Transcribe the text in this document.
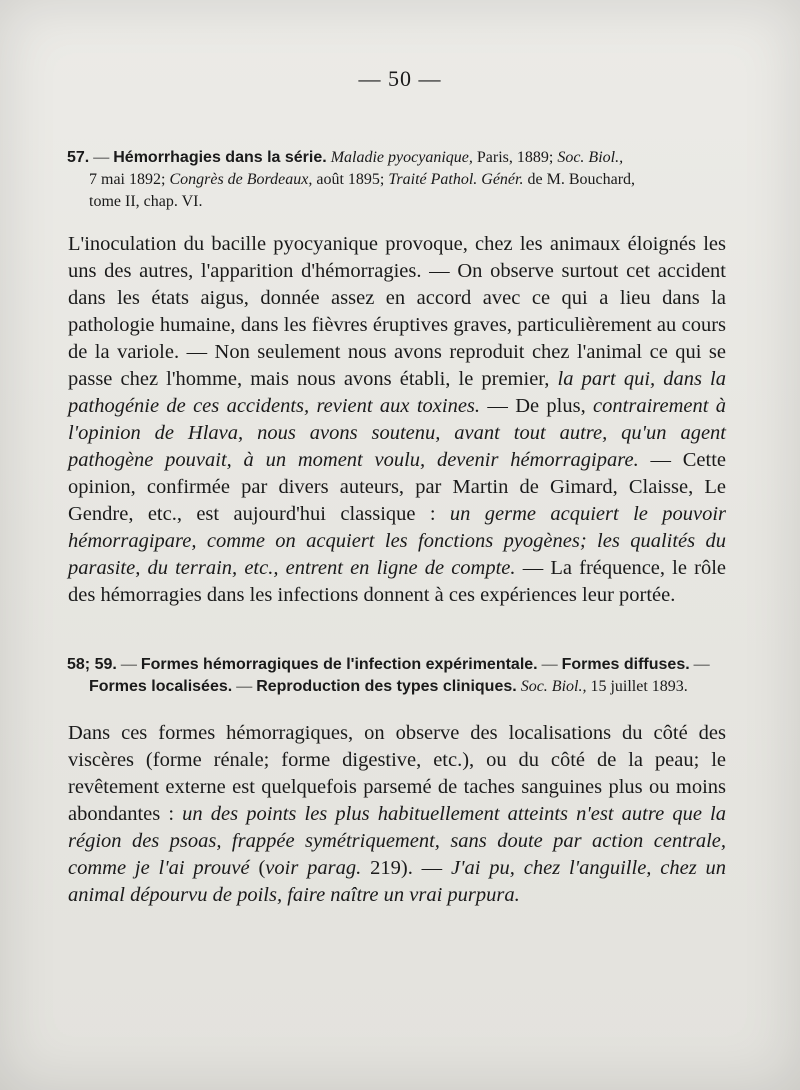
— 50 —
57. — Hémorrhagies dans la série. Maladie pyocyanique, Paris, 1889; Soc. Biol.,
7 mai 1892; Congrès de Bordeaux, août 1895; Traité Pathol. Génér. de M. Bouchard,
tome II, chap. VI.

L'inoculation du bacille pyocyanique provoque, chez les animaux éloignés les uns des autres, l'apparition d'hémorragies. — On observe surtout cet accident dans les états aigus, donnée assez en accord avec ce qui a lieu dans la pathologie humaine, dans les fièvres éruptives graves, particulièrement au cours de la variole. — Non seulement nous avons reproduit chez l'animal ce qui se passe chez l'homme, mais nous avons établi, le premier, la part qui, dans la pathogénie de ces accidents, revient aux toxines. — De plus, contrairement à l'opinion de Hlava, nous avons soutenu, avant tout autre, qu'un agent pathogène pouvait, à un moment voulu, devenir hémorragipare. — Cette opinion, confirmée par divers auteurs, par Martin de Gimard, Claisse, Le Gendre, etc., est aujourd'hui classique : un germe acquiert le pouvoir hémorragipare, comme on acquiert les fonctions pyogènes; les qualités du parasite, du terrain, etc., entrent en ligne de compte. — La fréquence, le rôle des hémorragies dans les infections donnent à ces expériences leur portée.

58; 59. — Formes hémorragiques de l'infection expérimentale. — Formes diffuses. —
Formes localisées. — Reproduction des types cliniques. Soc. Biol., 15 juillet 1893.

Dans ces formes hémorragiques, on observe des localisations du côté des viscères (forme rénale; forme digestive, etc.), ou du côté de la peau; le revêtement externe est quelquefois parsemé de taches sanguines plus ou moins abondantes : un des points les plus habituellement atteints n'est autre que la région des psoas, frappée symétriquement, sans doute par action centrale, comme je l'ai prouvé (voir parag. 219). — J'ai pu, chez l'anguille, chez un animal dépourvu de poils, faire naître un vrai purpura.
